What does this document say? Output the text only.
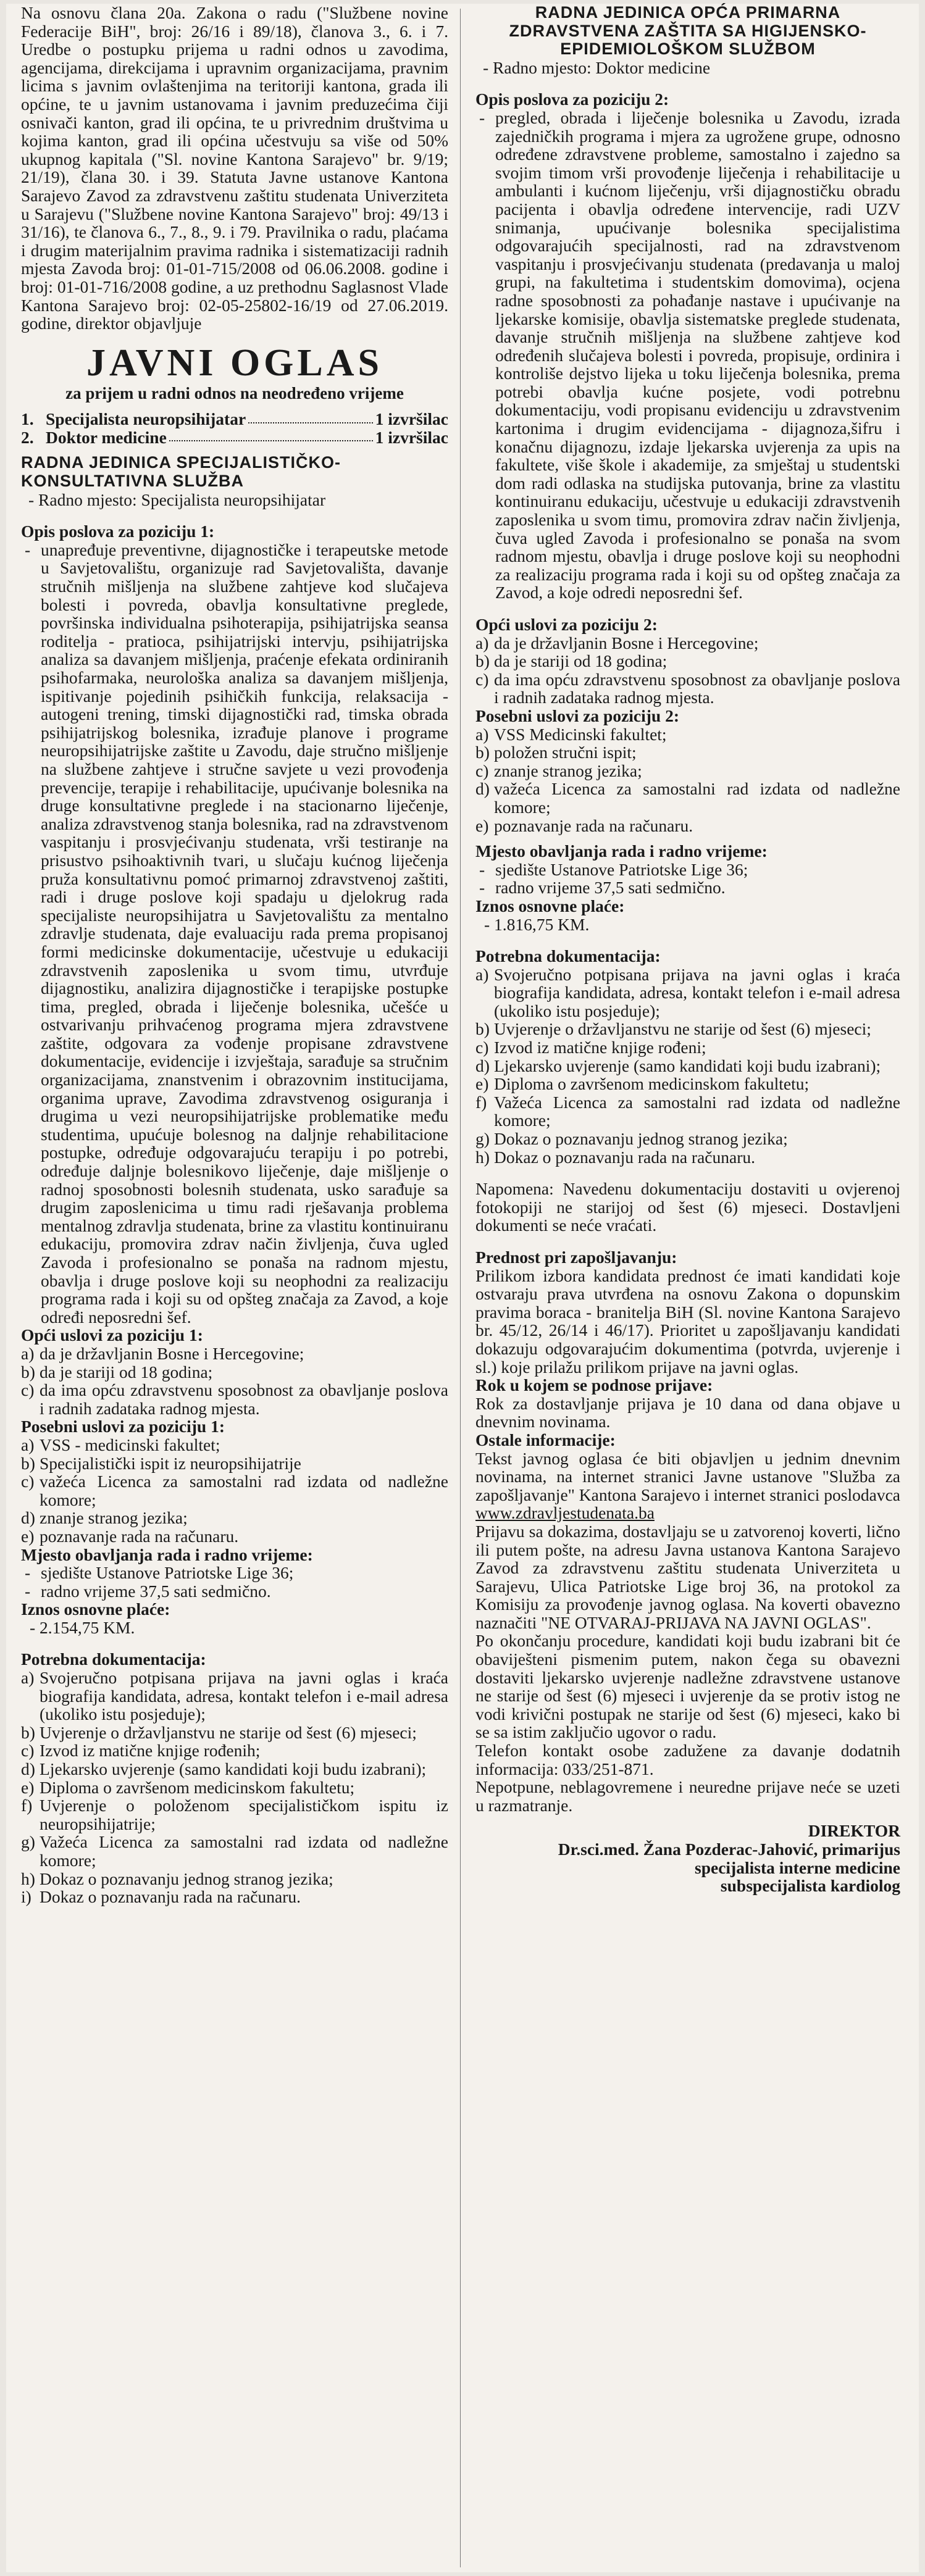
Na osnovu člana 20a. Zakona o radu ("Službene novine Federacije BiH", broj: 26/16 i 89/18), članova 3., 6. i 7. Uredbe o postupku prijema u radni odnos u zavodima, agencijama, direkcijama i upravnim organizacijama, pravnim licima s javnim ovlaštenjima na teritoriji kantona, grada ili općine, te u javnim ustanovama i javnim preduzećima čiji osnivači kanton, grad ili općina, te u privrednim društvima u kojima kanton, grad ili općina učestvuju sa više od 50% ukupnog kapitala ("Sl. novine Kantona Sarajevo" br. 9/19; 21/19), člana 30. i 39. Statuta Javne ustanove Kantona Sarajevo Zavod za zdravstvenu zaštitu studenata Univerziteta u Sarajevu ("Službene novine Kantona Sarajevo" broj: 49/13 i 31/16), te članova 6., 7., 8., 9. i 79. Pravilnika o radu, plaćama i drugim materijalnim pravima radnika i sistematizaciji radnih mjesta Zavoda broj: 01-01-715/2008 od 06.06.2008. godine i broj: 01-01-716/2008 godine, a uz prethodnu Saglasnost Vlade Kantona Sarajevo broj: 02-05-25802-16/19 od 27.06.2019. godine, direktor objavljuje

JAVNI OGLAS

za prijem u radni odnos na neodređeno vrijeme

1. Specijalista neuropsihijatar	1 izvršilac
2. Doktor medicine	1 izvršilac

RADNA JEDINICA SPECIJALISTIČKO-KONSULTATIVNA SLUŽBA

- Radno mjesto: Specijalista neuropsihijatar

Opis poslova za poziciju 1:

- unapređuje preventivne, dijagnostičke i terapeutske metode u Savjetovalištu, organizuje rad Savjetovališta, davanje stručnih mišljenja na službene zahtjeve kod slučajeva bolesti i povreda, obavlja konsultativne preglede, površinska individualna psihoterapija, psihijatrijska seansa roditelja - pratioca, psihijatrijski intervju, psihijatrijska analiza sa davanjem mišljenja, praćenje efekata ordiniranih psihofarmaka, neurološka analiza sa davanjem mišljenja, ispitivanje pojedinih psihičkih funkcija, relaksacija - autogeni trening, timski dijagnostički rad, timska obrada psihijatrijskog bolesnika, izrađuje planove i programe neuropsihijatrijske zaštite u Zavodu, daje stručno mišljenje na službene zahtjeve i stručne savjete u vezi provođenja prevencije, terapije i rehabilitacije, upućivanje bolesnika na druge konsultativne preglede i na stacionarno liječenje, analiza zdravstvenog stanja bolesnika, rad na zdravstvenom vaspitanju i prosvjećivanju studenata, vrši testiranje na prisustvo psihoaktivnih tvari, u slučaju kućnog liječenja pruža konsultativnu pomoć primarnoj zdravstvenoj zaštiti, radi i druge poslove koji spadaju u djelokrug rada specijaliste neuropsihijatra u Savjetovalištu za mentalno zdravlje studenata, daje evaluaciju rada prema propisanoj formi medicinske dokumentacije, učestvuje u edukaciji zdravstvenih zaposlenika u svom timu, utvrđuje dijagnostiku, analizira dijagnostičke i terapijske postupke tima, pregled, obrada i liječenje bolesnika, učešće u ostvarivanju prihvaćenog programa mjera zdravstvene zaštite, odgovara za vođenje propisane zdravstvene dokumentacije, evidencije i izvještaja, sarađuje sa stručnim organizacijama, znanstvenim i obrazovnim institucijama, organima uprave, Zavodima zdravstvenog osiguranja i drugima u vezi neuropsihijatrijske problematike među studentima, upućuje bolesnog na daljnje rehabilitacione postupke, određuje odgovarajuću terapiju i po potrebi, određuje daljnje bolesnikovo liječenje, daje mišljenje o radnoj sposobnosti bolesnih studenata, usko sarađuje sa drugim zaposlenicima u timu radi rješavanja problema mentalnog zdravlja studenata, brine za vlastitu kontinuiranu edukaciju, promovira zdrav način življenja, čuva ugled Zavoda i profesionalno se ponaša na radnom mjestu, obavlja i druge poslove koji su neophodni za realizaciju programa rada i koji su od opšteg značaja za Zavod, a koje određi neposredni šef.

Opći uslovi za poziciju 1:

a) da je državljanin Bosne i Hercegovine;
b) da je stariji od 18 godina;
c) da ima opću zdravstvenu sposobnost za obavljanje poslova i radnih zadataka radnog mjesta.

Posebni uslovi za poziciju 1:

a) VSS - medicinski fakultet;
b) Specijalistički ispit iz neuropsihijatrije
c) važeća Licenca za samostalni rad izdata od nadležne komore;
d) znanje stranog jezika;
e) poznavanje rada na računaru.

Mjesto obavljanja rada i radno vrijeme:

- sjedište Ustanove Patriotske Lige 36;
- radno vrijeme 37,5 sati sedmično.

Iznos osnovne plaće:

- 2.154,75 KM.

Potrebna dokumentacija:

a) Svojeručno potpisana prijava na javni oglas i kraća biografija kandidata, adresa, kontakt telefon i e-mail adresa (ukoliko istu posjeduje);
b) Uvjerenje o državljanstvu ne starije od šest (6) mjeseci;
c) Izvod iz matične knjige rođenih;
d) Ljekarsko uvjerenje (samo kandidati koji budu izabrani);
e) Diploma o završenom medicinskom fakultetu;
f) Uvjerenje o položenom specijalističkom ispitu iz neuropsihijatrije;
g) Važeća Licenca za samostalni rad izdata od nadležne komore;
h) Dokaz o poznavanju jednog stranog jezika;
i) Dokaz o poznavanju rada na računaru.

RADNA JEDINICA OPĆA PRIMARNA ZDRAVSTVENA ZAŠTITA SA HIGIJENSKO- EPIDEMIOLOŠKOM SLUŽBOM

- Radno mjesto: Doktor medicine

Opis poslova za poziciju 2:

- pregled, obrada i liječenje bolesnika u Zavodu, izrada zajedničkih programa i mjera za ugrožene grupe, odnosno određene zdravstvene probleme, samostalno i zajedno sa svojim timom vrši provođenje liječenja i rehabilitacije u ambulanti i kućnom liječenju, vrši dijagnostičku obradu pacijenta i obavlja određene intervencije, radi UZV snimanja, upućivanje bolesnika specijalistima odgovarajućih specijalnosti, rad na zdravstvenom vaspitanju i prosvjećivanju studenata (predavanja u maloj grupi, na fakultetima i studentskim domovima), ocjena radne sposobnosti za pohađanje nastave i upućivanje na ljekarske komisije, obavlja sistematske preglede studenata, davanje stručnih mišljenja na službene zahtjeve kod određenih slučajeva bolesti i povreda, propisuje, ordinira i kontroliše dejstvo lijeka u toku liječenja bolesnika, prema potrebi obavlja kućne posjete, vodi potrebnu dokumentaciju, vodi propisanu evidenciju u zdravstvenim kartonima i drugim evidencijama - dijagnoza,šifru i konačnu dijagnozu, izdaje ljekarska uvjerenja za upis na fakultete, više škole i akademije, za smještaj u studentski dom radi odlaska na studijska putovanja, brine za vlastitu kontinuiranu edukaciju, učestvuje u edukaciji zdravstvenih zaposlenika u svom timu, promovira zdrav način življenja, čuva ugled Zavoda i profesionalno se ponaša na svom radnom mjestu, obavlja i druge poslove koji su neophodni za realizaciju programa rada i koji su od opšteg značaja za Zavod, a koje odredi neposredni šef.

Opći uslovi za poziciju 2:

a) da je državljanin Bosne i Hercegovine;
b) da je stariji od 18 godina;
c) da ima opću zdravstvenu sposobnost za obavljanje poslova i radnih zadataka radnog mjesta.

Posebni uslovi za poziciju 2:

a) VSS Medicinski fakultet;
b) položen stručni ispit;
c) znanje stranog jezika;
d) važeća Licenca za samostalni rad izdata od nadležne komore;
e) poznavanje rada na računaru.

Mjesto obavljanja rada i radno vrijeme:

- sjedište Ustanove Patriotske Lige 36;
- radno vrijeme 37,5 sati sedmično.

Iznos osnovne plaće:

- 1.816,75 KM.

Potrebna dokumentacija:

a) Svojeručno potpisana prijava na javni oglas i kraća biografija kandidata, adresa, kontakt telefon i e-mail adresa (ukoliko istu posjeduje);
b) Uvjerenje o državljanstvu ne starije od šest (6) mjeseci;
c) Izvod iz matične knjige rođeni;
d) Ljekarsko uvjerenje (samo kandidati koji budu izabrani);
e) Diploma o završenom medicinskom fakultetu;
f) Važeća Licenca za samostalni rad izdata od nadležne komore;
g) Dokaz o poznavanju jednog stranog jezika;
h) Dokaz o poznavanju rada na računaru.

Napomena: Navedenu dokumentaciju dostaviti u ovjerenoj fotokopiji ne starijoj od šest (6) mjeseci. Dostavljeni dokumenti se neće vraćati.

Prednost pri zapošljavanju:

Prilikom izbora kandidata prednost će imati kandidati koje ostvaraju prava utvrđena na osnovu Zakona o dopunskim pravima boraca - branitelja BiH (Sl. novine Kantona Sarajevo br. 45/12, 26/14 i 46/17). Prioritet u zapošljavanju kandidati dokazuju odgovarajućim dokumentima (potvrda, uvjerenje i sl.) koje prilažu prilikom prijave na javni oglas.

Rok u kojem se podnose prijave:

Rok za dostavljanje prijava je 10 dana od dana objave u dnevnim novinama.

Ostale informacije:

Tekst javnog oglasa će biti objavljen u jednim dnevnim novinama, na internet stranici Javne ustanove "Služba za zapošljavanje" Kantona Sarajevo i internet stranici poslodavca www.zdravljestudenata.ba

Prijavu sa dokazima, dostavljaju se u zatvorenoj koverti, lično ili putem pošte, na adresu Javna ustanova Kantona Sarajevo Zavod za zdravstvenu zaštitu studenata Univerziteta u Sarajevu, Ulica Patriotske Lige broj 36, na protokol za Komisiju za provođenje javnog oglasa. Na koverti obavezno naznačiti "NE OTVARAJ-PRIJAVA NA JAVNI OGLAS".

Po okončanju procedure, kandidati koji budu izabrani bit će obaviješteni pismenim putem, nakon čega su obavezni dostaviti ljekarsko uvjerenje nadležne zdravstvene ustanove ne starije od šest (6) mjeseci i uvjerenje da se protiv istog ne vodi krivični postupak ne starije od šest (6) mjeseci, kako bi se sa istim zaključio ugovor o radu.

Telefon kontakt osobe zadužene za davanje dodatnih informacija: 033/251-871.

Nepotpune, neblagovremene i neuredne prijave neće se uzeti u razmatranje.

DIREKTOR

Dr.sci.med. Žana Pozderac-Jahović, primarijus

specijalista interne medicine

subspecijalista kardiolog
